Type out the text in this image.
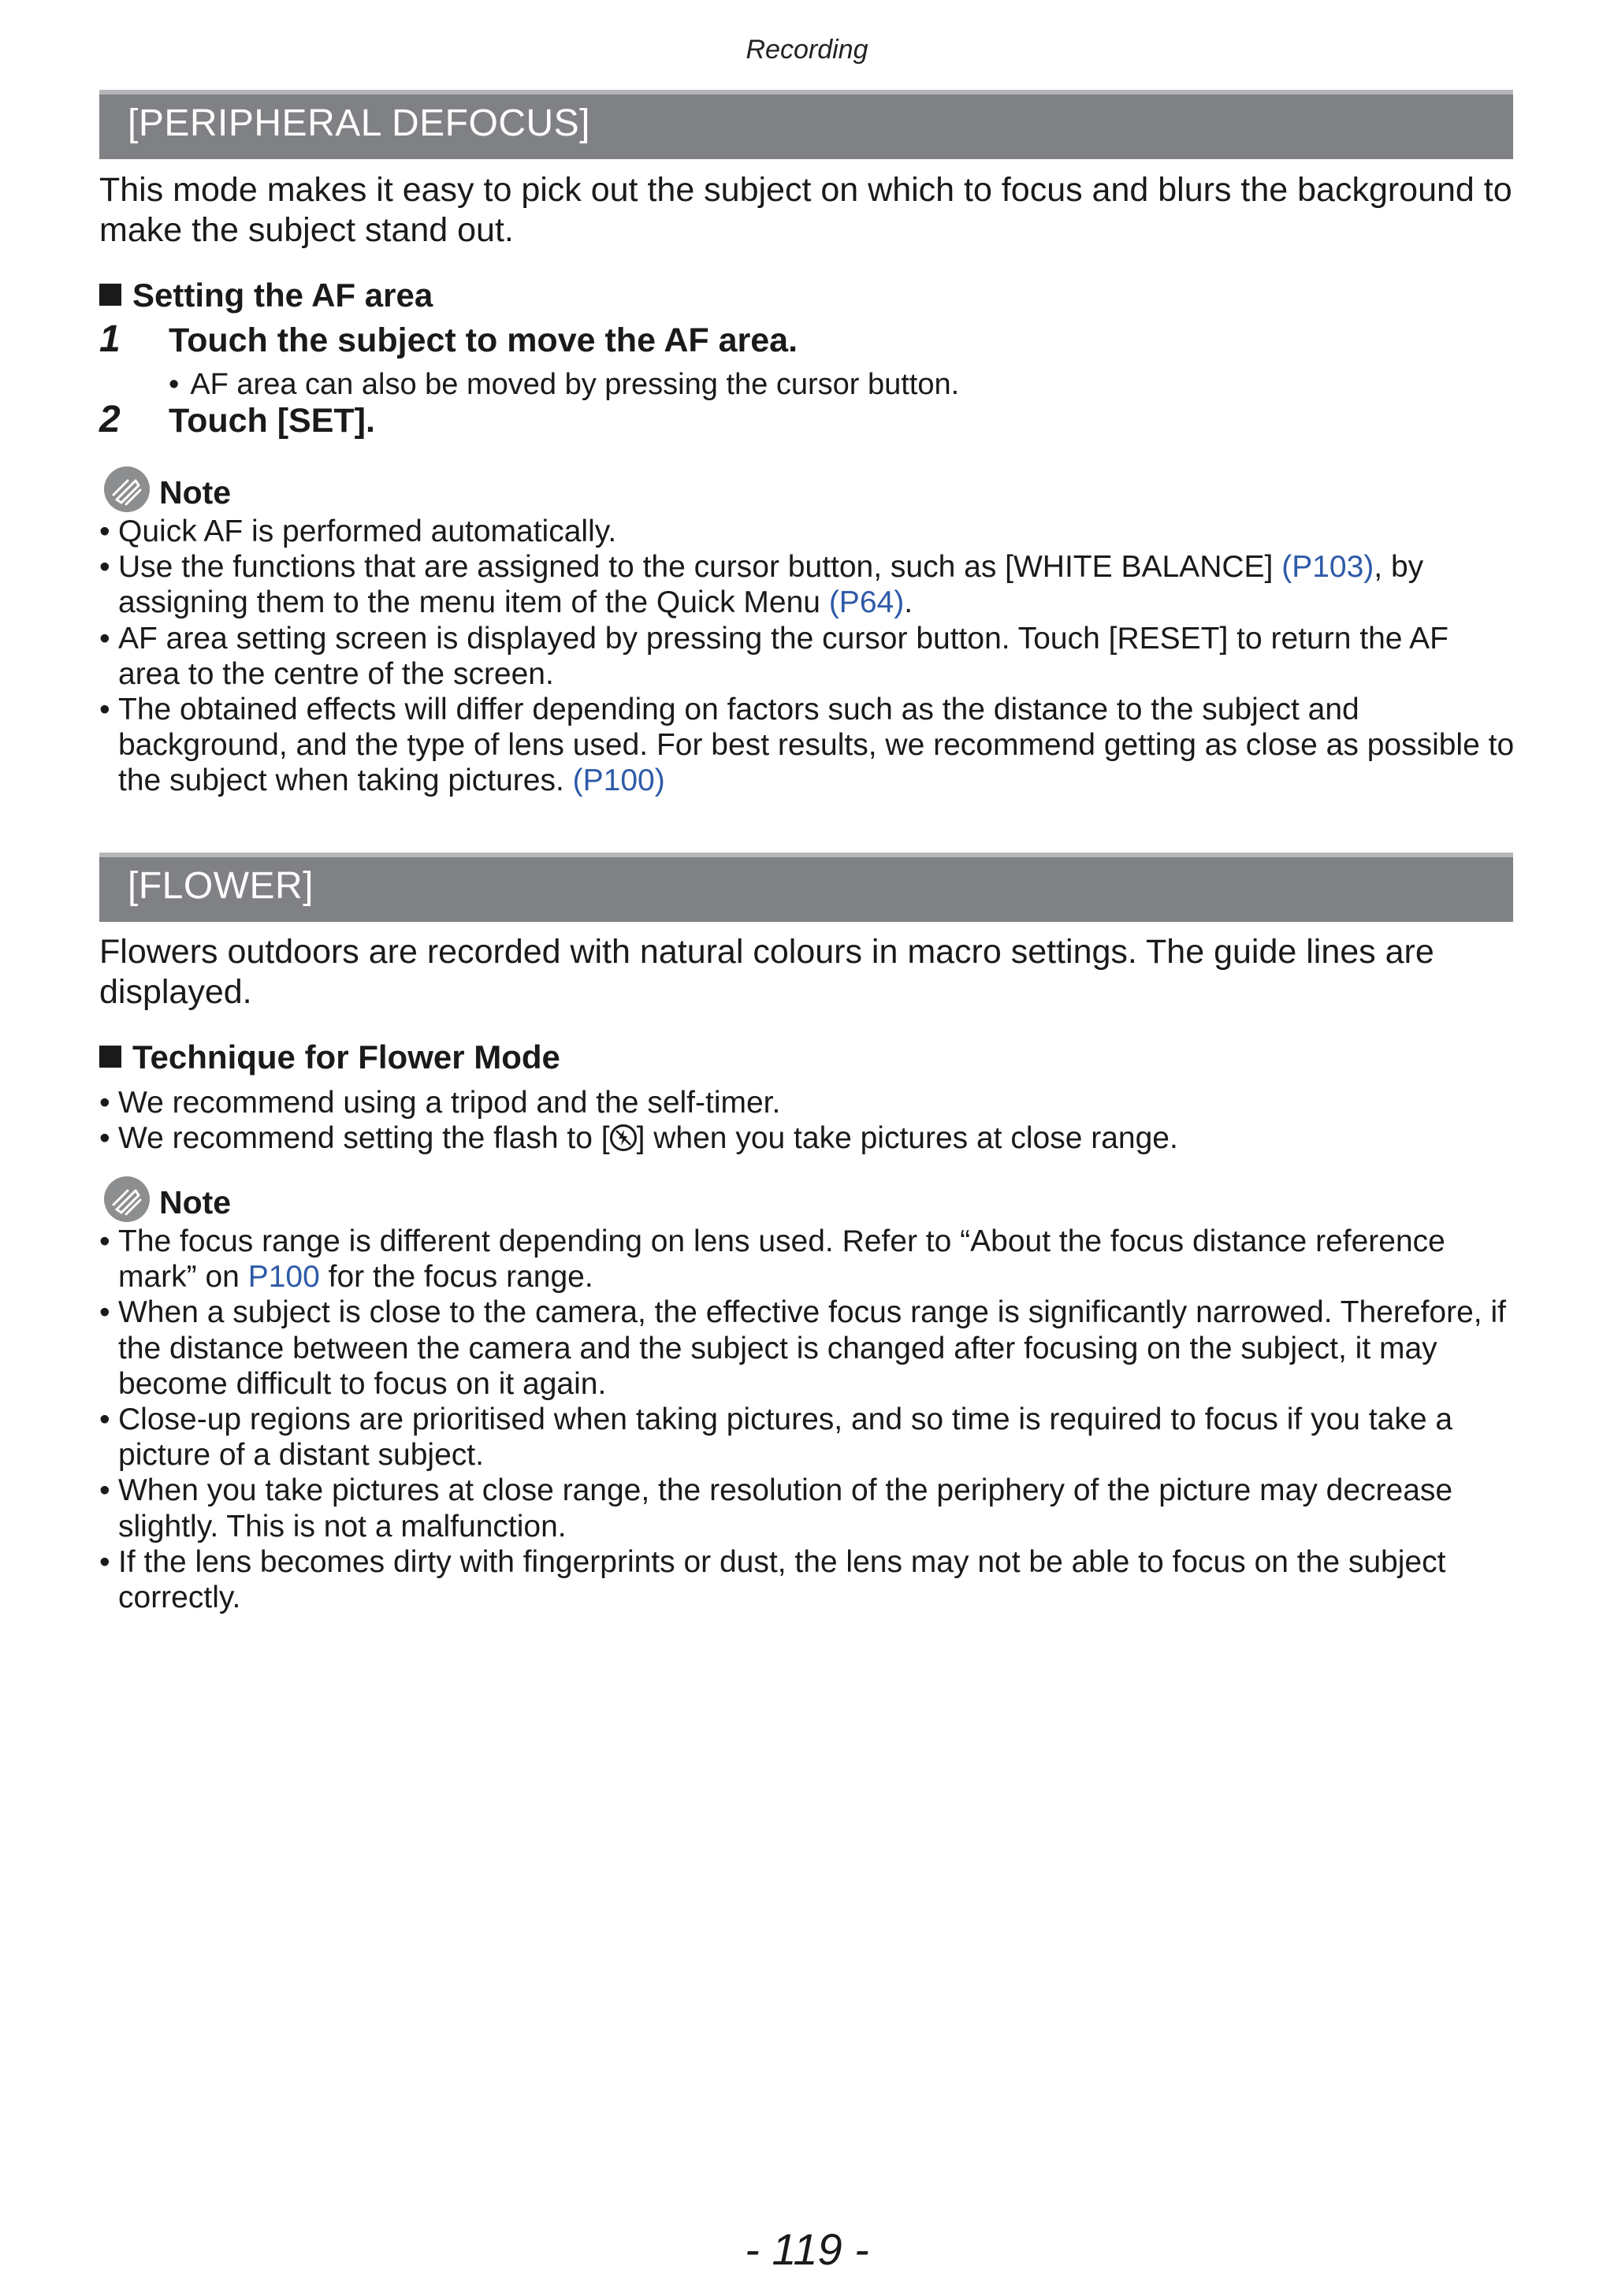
Recording
[PERIPHERAL DEFOCUS]
This mode makes it easy to pick out the subject on which to focus and blurs the background to make the subject stand out.
Setting the AF area
1 Touch the subject to move the AF area.
• AF area can also be moved by pressing the cursor button.
2 Touch [SET].
Note
• Quick AF is performed automatically.
• Use the functions that are assigned to the cursor button, such as [WHITE BALANCE] (P103), by assigning them to the menu item of the Quick Menu (P64).
• AF area setting screen is displayed by pressing the cursor button. Touch [RESET] to return the AF area to the centre of the screen.
• The obtained effects will differ depending on factors such as the distance to the subject and background, and the type of lens used. For best results, we recommend getting as close as possible to the subject when taking pictures. (P100)
[FLOWER]
Flowers outdoors are recorded with natural colours in macro settings. The guide lines are displayed.
Technique for Flower Mode
• We recommend using a tripod and the self-timer.
• We recommend setting the flash to [ ] when you take pictures at close range.
Note
• The focus range is different depending on lens used. Refer to “About the focus distance reference mark” on P100 for the focus range.
• When a subject is close to the camera, the effective focus range is significantly narrowed. Therefore, if the distance between the camera and the subject is changed after focusing on the subject, it may become difficult to focus on it again.
• Close-up regions are prioritised when taking pictures, and so time is required to focus if you take a picture of a distant subject.
• When you take pictures at close range, the resolution of the periphery of the picture may decrease slightly. This is not a malfunction.
• If the lens becomes dirty with fingerprints or dust, the lens may not be able to focus on the subject correctly.
- 119 -
